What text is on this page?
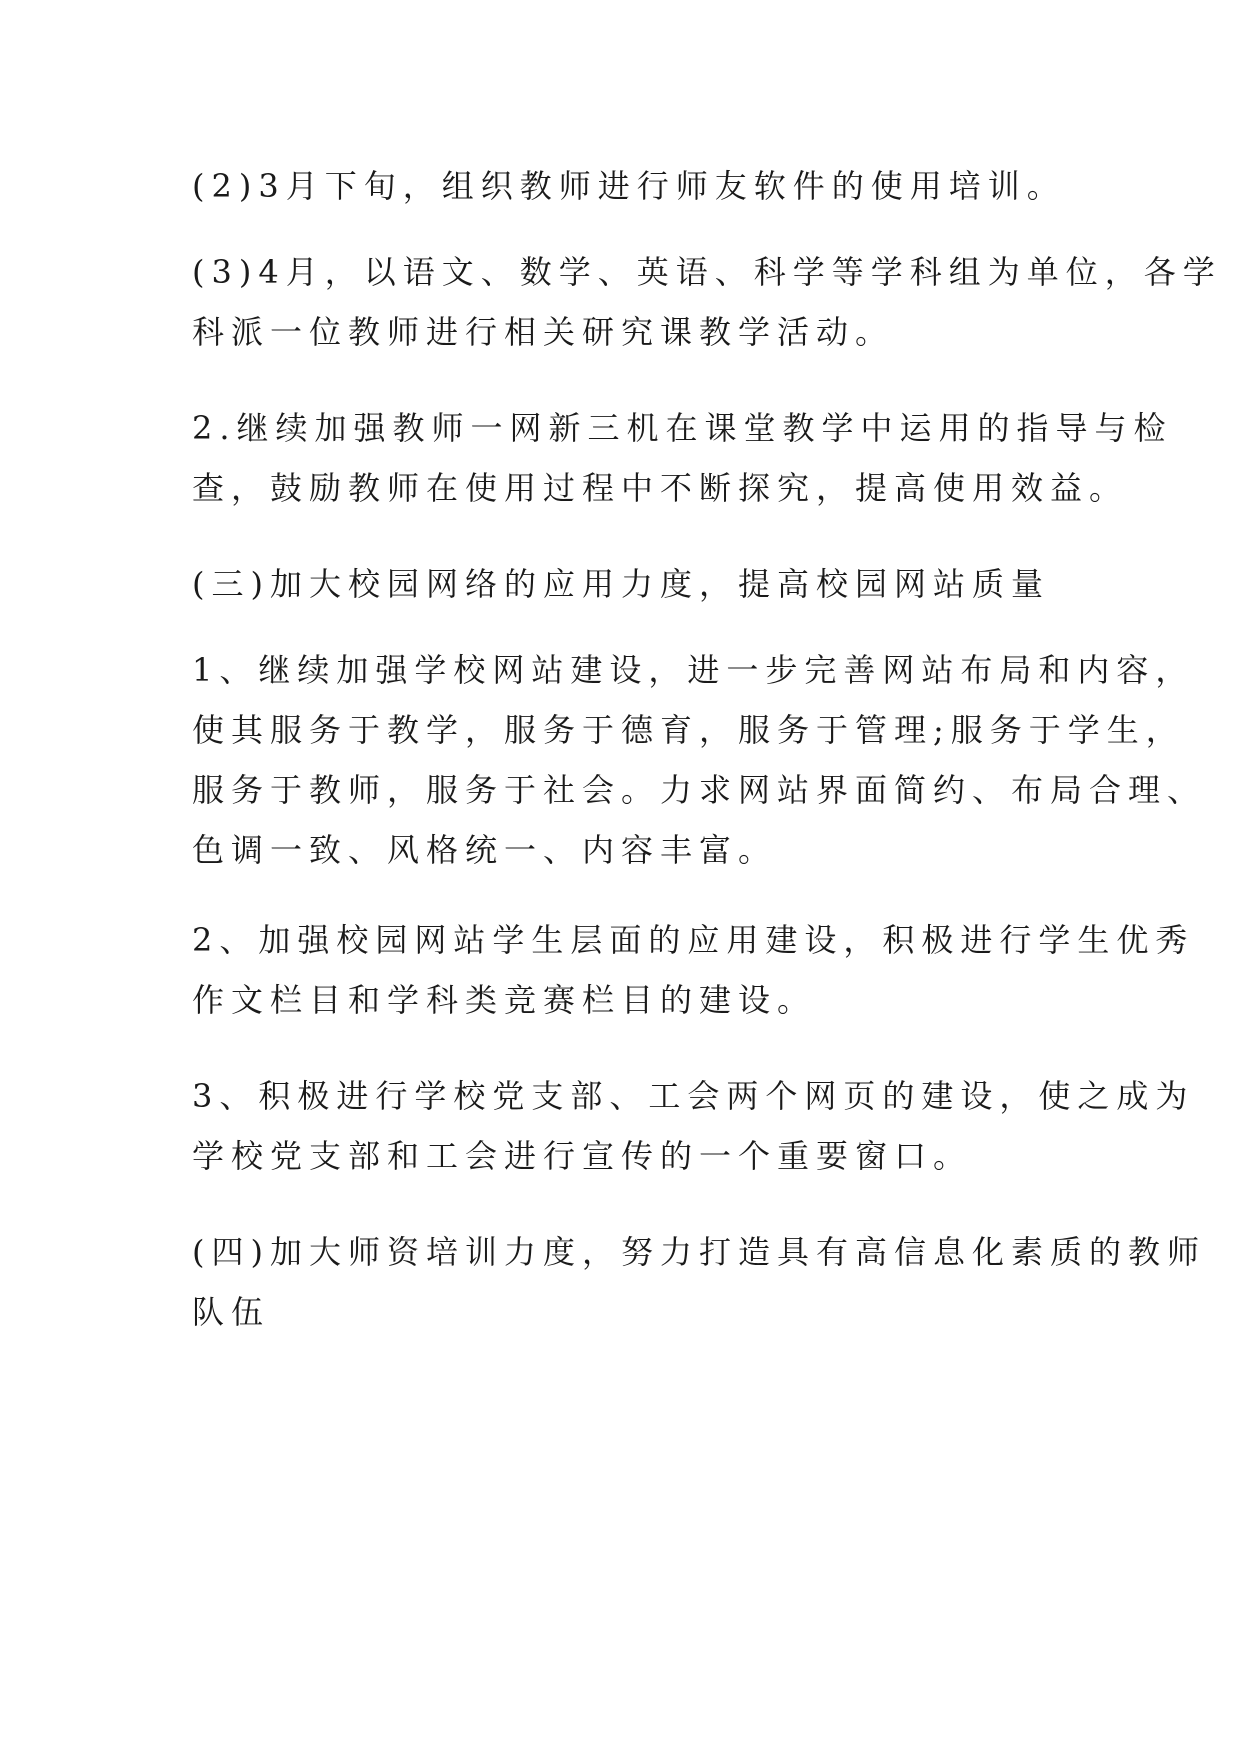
(2)3月下旬，组织教师进行师友软件的使用培训。
(3)4月，以语文、数学、英语、科学等学科组为单位，各学
科派一位教师进行相关研究课教学活动。
2.继续加强教师一网新三机在课堂教学中运用的指导与检
查，鼓励教师在使用过程中不断探究，提高使用效益。
(三)加大校园网络的应用力度，提高校园网站质量
1、继续加强学校网站建设，进一步完善网站布局和内容，
使其服务于教学，服务于德育，服务于管理;服务于学生，
服务于教师，服务于社会。力求网站界面简约、布局合理、
色调一致、风格统一、内容丰富。
2、加强校园网站学生层面的应用建设，积极进行学生优秀
作文栏目和学科类竞赛栏目的建设。
3、积极进行学校党支部、工会两个网页的建设，使之成为
学校党支部和工会进行宣传的一个重要窗口。
(四)加大师资培训力度，努力打造具有高信息化素质的教师
队伍
